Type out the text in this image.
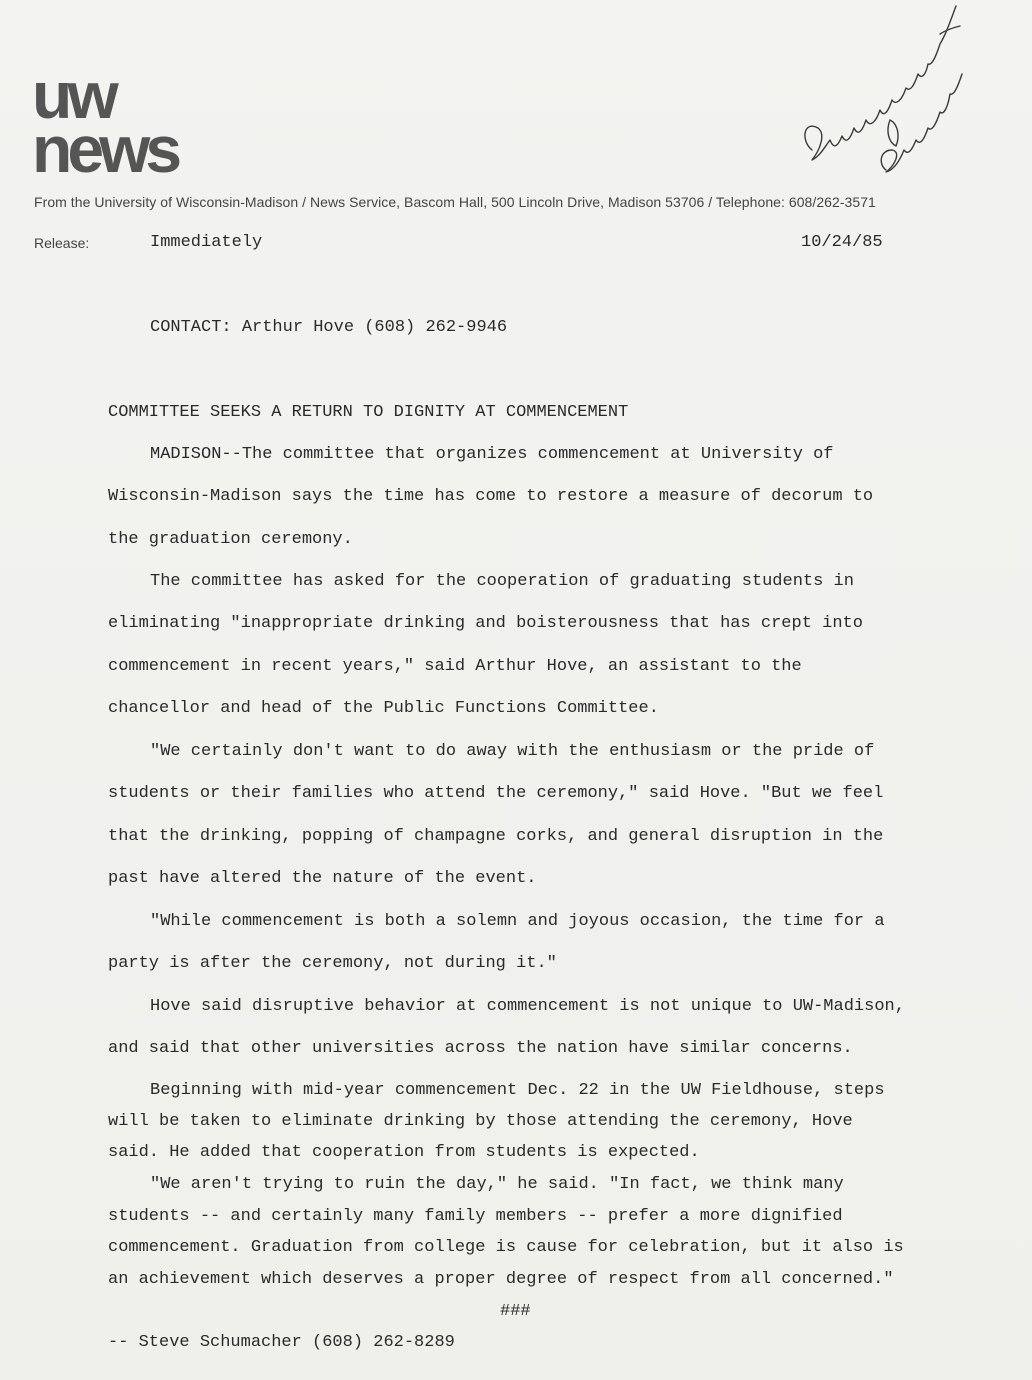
uw
news
From the University of Wisconsin-Madison / News Service, Bascom Hall, 500 Lincoln Drive, Madison 53706 / Telephone: 608/262-3571
Release:	Immediately	10/24/85
CONTACT: Arthur Hove (608) 262-9946
COMMITTEE SEEKS A RETURN TO DIGNITY AT COMMENCEMENT
MADISON--The committee that organizes commencement at University of
Wisconsin-Madison says the time has come to restore a measure of decorum to
the graduation ceremony.
The committee has asked for the cooperation of graduating students in
eliminating "inappropriate drinking and boisterousness that has crept into
commencement in recent years," said Arthur Hove, an assistant to the
chancellor and head of the Public Functions Committee.
"We certainly don't want to do away with the enthusiasm or the pride of
students or their families who attend the ceremony," said Hove. "But we feel
that the drinking, popping of champagne corks, and general disruption in the
past have altered the nature of the event.
"While commencement is both a solemn and joyous occasion, the time for a
party is after the ceremony, not during it."
Hove said disruptive behavior at commencement is not unique to UW-Madison,
and said that other universities across the nation have similar concerns.
Beginning with mid-year commencement Dec. 22 in the UW Fieldhouse, steps
will be taken to eliminate drinking by those attending the ceremony, Hove
said. He added that cooperation from students is expected.
"We aren't trying to ruin the day," he said. "In fact, we think many
students -- and certainly many family members -- prefer a more dignified
commencement. Graduation from college is cause for celebration, but it also is
an achievement which deserves a proper degree of respect from all concerned."
###
-- Steve Schumacher (608) 262-8289
